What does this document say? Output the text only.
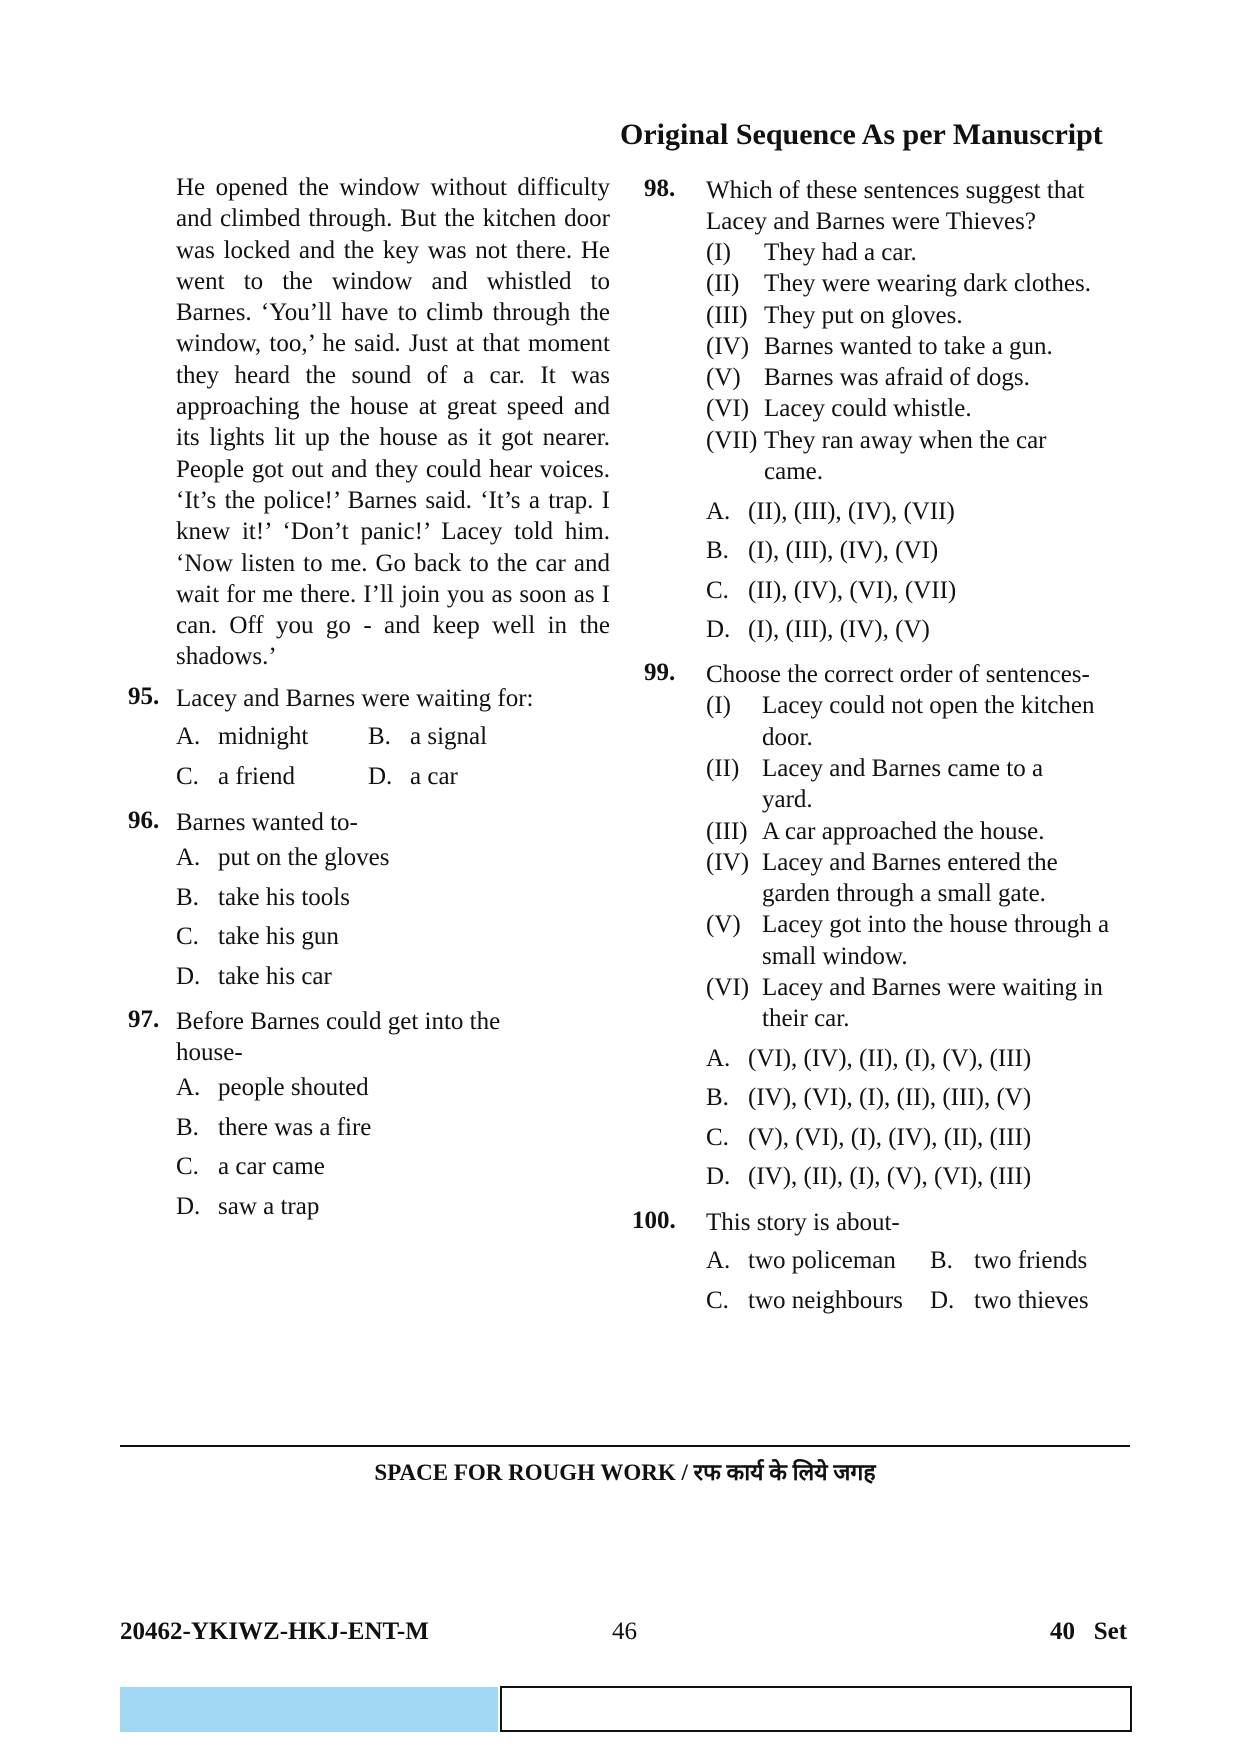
Original Sequence As per Manuscript

He opened the window without difficulty and climbed through. But the kitchen door was locked and the key was not there. He went to the window and whistled to Barnes. ‘You’ll have to climb through the window, too,’ he said. Just at that moment they heard the sound of a car. It was approaching the house at great speed and its lights lit up the house as it got nearer. People got out and they could hear voices. ‘It’s the police!’ Barnes said. ‘It’s a trap. I knew it!’ ‘Don’t panic!’ Lacey told him. ‘Now listen to me. Go back to the car and wait for me there. I’ll join you as soon as I can. Off you go - and keep well in the shadows.’

95. Lacey and Barnes were waiting for:
A. midnight B. a signal
C. a friend	D. a car
96. Barnes wanted to-
A. put on the gloves
B. take his tools
C. take his gun
D. take his car
97. Before Barnes could get into the house-
A. people shouted
B. there was a fire
C. a car came
D. saw a trap
98. Which of these sentences suggest that Lacey and Barnes were Thieves?
(I)	They had a car.
(II) They were wearing dark clothes.
(III) They put on gloves.
(IV) Barnes wanted to take a gun.
(V) Barnes was afraid of dogs.
(VI) Lacey could whistle.
(VII) They ran away when the car came.
A. (II), (III), (IV), (VII)
B. (I), (III), (IV), (VI)
C. (II), (IV), (VI), (VII)
D. (I), (III), (IV), (V)
99. Choose the correct order of sentences-
(I)	Lacey could not open the kitchen door.
(II) Lacey and Barnes came to a yard.
(III) A car approached the house.
(IV) Lacey and Barnes entered the garden through a small gate.
(V) Lacey got into the house through a small window.
(VI) Lacey and Barnes were waiting in their car.
A. (VI), (IV), (II), (I), (V), (III)
B. (IV), (VI), (I), (II), (III), (V)
C. (V), (VI), (I), (IV), (II), (III)
D. (IV), (II), (I), (V), (VI), (III)
100. This story is about-
A. two policeman B. two friends
C. two neighbours D. two thieves
SPACE FOR ROUGH WORK / रफ कार्य के लिये जगह
20462-YKIWZ-HKJ-ENT-M	46	40   Set
